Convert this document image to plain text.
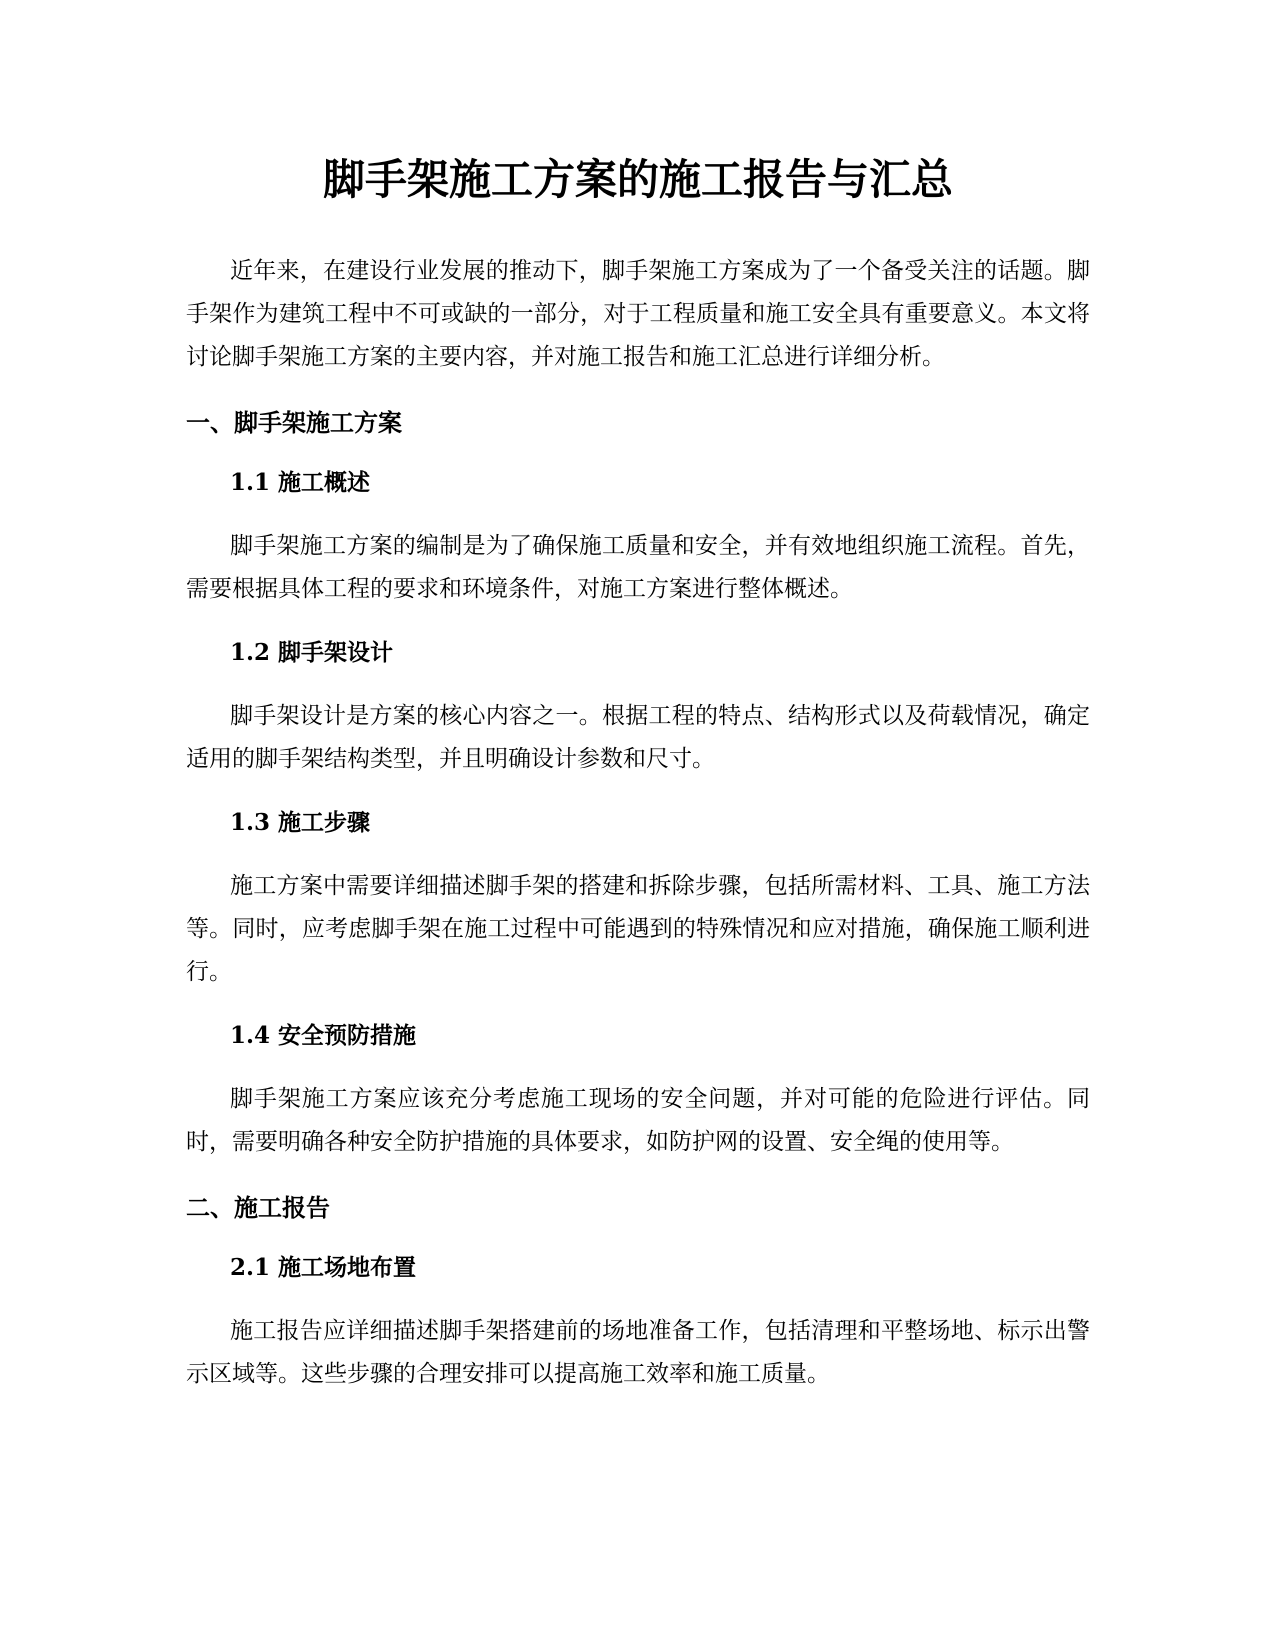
脚手架施工方案的施工报告与汇总

近年来，在建设行业发展的推动下，脚手架施工方案成为了一个备受关注的话题。脚手架作为建筑工程中不可或缺的一部分，对于工程质量和施工安全具有重要意义。本文将讨论脚手架施工方案的主要内容，并对施工报告和施工汇总进行详细分析。

一、脚手架施工方案
1.1 施工概述

脚手架施工方案的编制是为了确保施工质量和安全，并有效地组织施工流程。首先，需要根据具体工程的要求和环境条件，对施工方案进行整体概述。

1.2 脚手架设计

脚手架设计是方案的核心内容之一。根据工程的特点、结构形式以及荷载情况，确定适用的脚手架结构类型，并且明确设计参数和尺寸。

1.3 施工步骤

施工方案中需要详细描述脚手架的搭建和拆除步骤，包括所需材料、工具、施工方法等。同时，应考虑脚手架在施工过程中可能遇到的特殊情况和应对措施，确保施工顺利进行。

1.4 安全预防措施

脚手架施工方案应该充分考虑施工现场的安全问题，并对可能的危险进行评估。同时，需要明确各种安全防护措施的具体要求，如防护网的设置、安全绳的使用等。

二、施工报告
2.1 施工场地布置

施工报告应详细描述脚手架搭建前的场地准备工作，包括清理和平整场地、标示出警示区域等。这些步骤的合理安排可以提高施工效率和施工质量。
